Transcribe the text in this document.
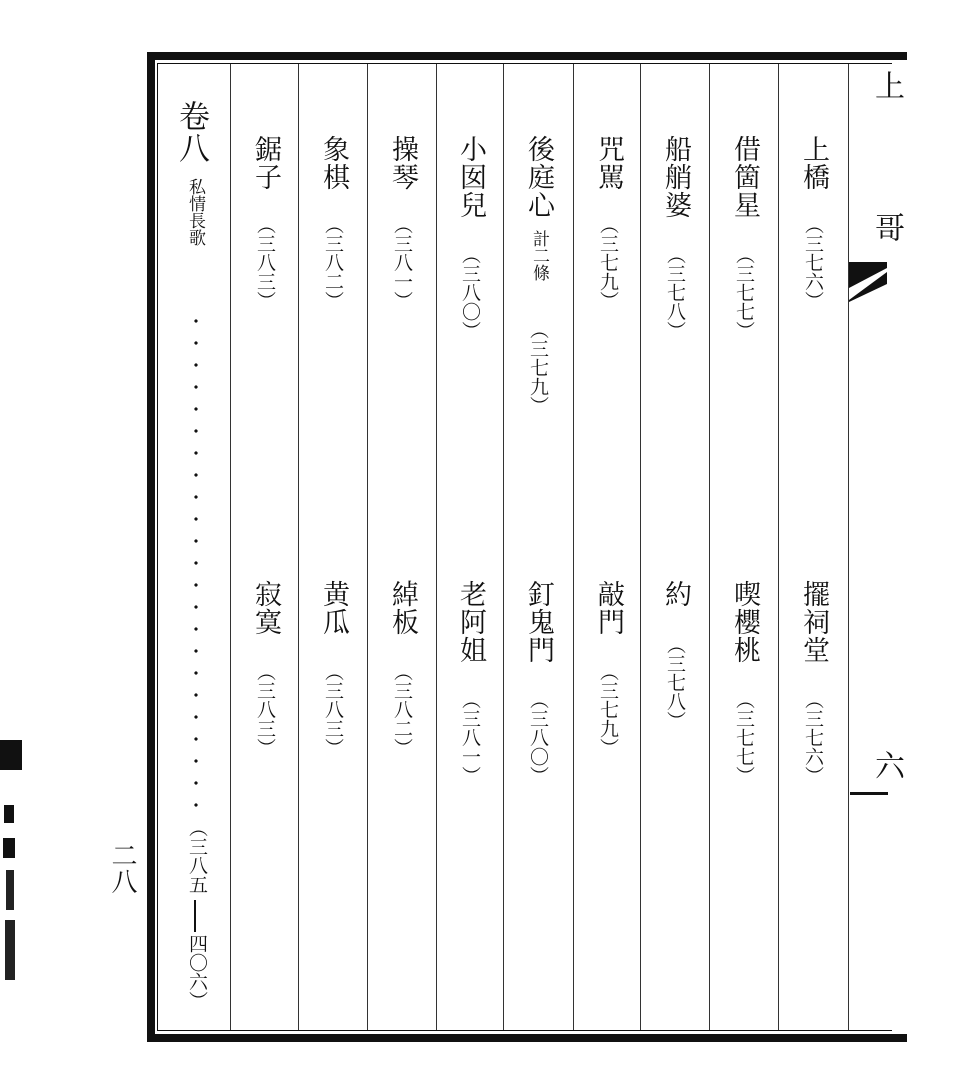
上
哥
六
卷八
私情長歌
（三八五
四〇六）
鋸子
（三八三）
寂寞
（三八三）
象棋
（三八二）
黄瓜
（三八三）
操琴
（三八一）
綽板
（三八二）
小囡兒
（三八〇）
老阿姐
（三八一）
後庭心
計二條
（三七九）
釘鬼門
（三八〇）
咒駡
（三七九）
敲門
（三七九）
船艄婆
（三七八）
約
（三七八）
借箇星
（三七七）
喫櫻桃
（三七七）
上橋
（三七六）
擺祠堂
（三七六）
二八
